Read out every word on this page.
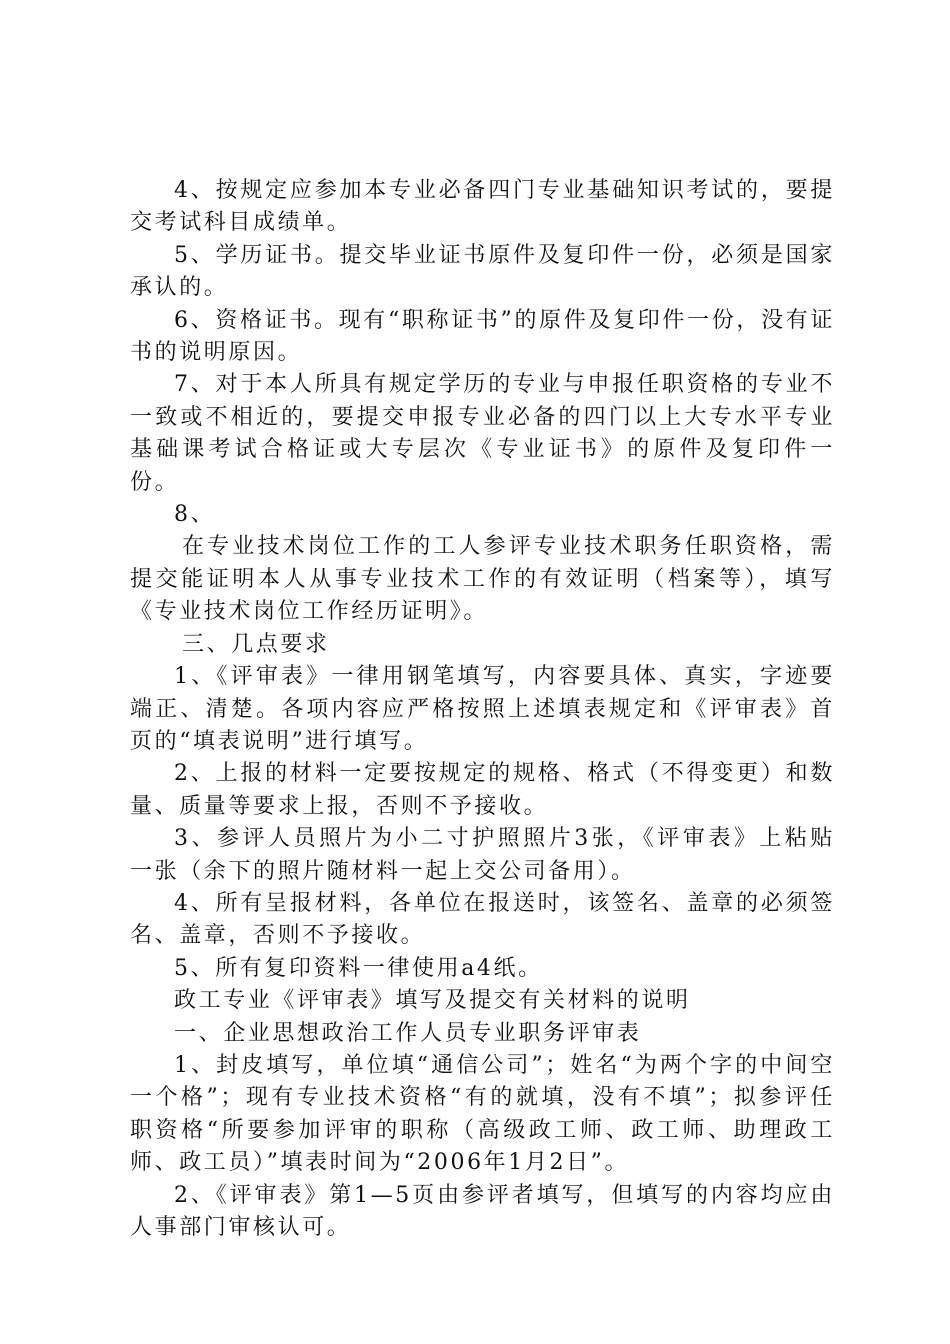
4、按规定应参加本专业必备四门专业基础知识考试的，要提交考试科目成绩单。

5、学历证书。提交毕业证书原件及复印件一份，必须是国家承认的。

6、资格证书。现有“职称证书”的原件及复印件一份，没有证书的说明原因。

7、对于本人所具有规定学历的专业与申报任职资格的专业不一致或不相近的，要提交申报专业必备的四门以上大专水平专业基础课考试合格证或大专层次《专业证书》的原件及复印件一份。

8、

在专业技术岗位工作的工人参评专业技术职务任职资格，需提交能证明本人从事专业技术工作的有效证明（档案等），填写《专业技术岗位工作经历证明》。

三、几点要求

1、《评审表》一律用钢笔填写，内容要具体、真实，字迹要端正、清楚。各项内容应严格按照上述填表规定和《评审表》首页的“填表说明”进行填写。

2、上报的材料一定要按规定的规格、格式（不得变更）和数量、质量等要求上报，否则不予接收。

3、参评人员照片为小二寸护照照片3张，《评审表》上粘贴一张（余下的照片随材料一起上交公司备用）。

4、所有呈报材料，各单位在报送时，该签名、盖章的必须签名、盖章，否则不予接收。

5、所有复印资料一律使用a4纸。

政工专业《评审表》填写及提交有关材料的说明

一、企业思想政治工作人员专业职务评审表

1、封皮填写，单位填“通信公司”；姓名“为两个字的中间空一个格”；现有专业技术资格“有的就填，没有不填”；拟参评任职资格“所要参加评审的职称（高级政工师、政工师、助理政工师、政工员）”填表时间为“2006年1月2日”。

2、《评审表》第1—5页由参评者填写，但填写的内容均应由人事部门审核认可。
